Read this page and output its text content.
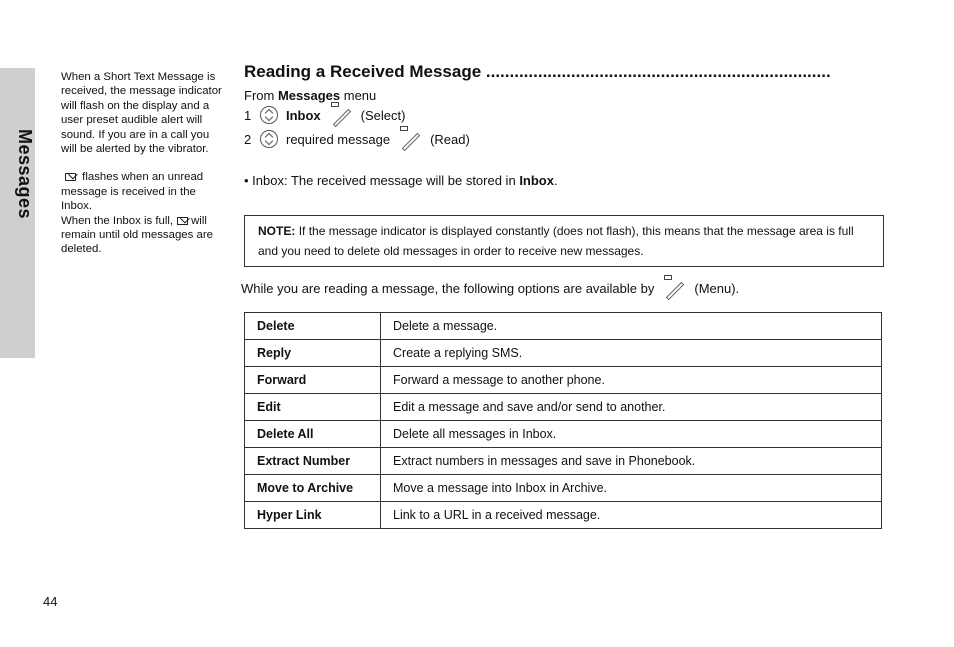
Messages

When a Short Text Message is received, the message indicator will flash on the display and a user preset audible alert will sound. If you are in a call you will be alerted by the vibrator.

flashes when an unread message is received in the Inbox.

When the Inbox is full, will remain until old messages are deleted.

Reading a Received Message .........................................................................
From Messages menu
1	Inbox	(Select)
2	required message	(Read)
• Inbox: The received message will be stored in Inbox.
NOTE: If the message indicator is displayed constantly (does not flash), this means that the message area is full and you need to delete old messages in order to receive new messages.
While you are reading a message, the following options are available by	(Menu).
Delete	Delete a message.
Reply	Create a replying SMS.
Forward	Forward a message to another phone.
Edit	Edit a message and save and/or send to another.
Delete All	Delete all messages in Inbox.
Extract Number	Extract numbers in messages and save in Phonebook.
Move to Archive	Move a message into Inbox in Archive.
Hyper Link	Link to a URL in a received message.
44
